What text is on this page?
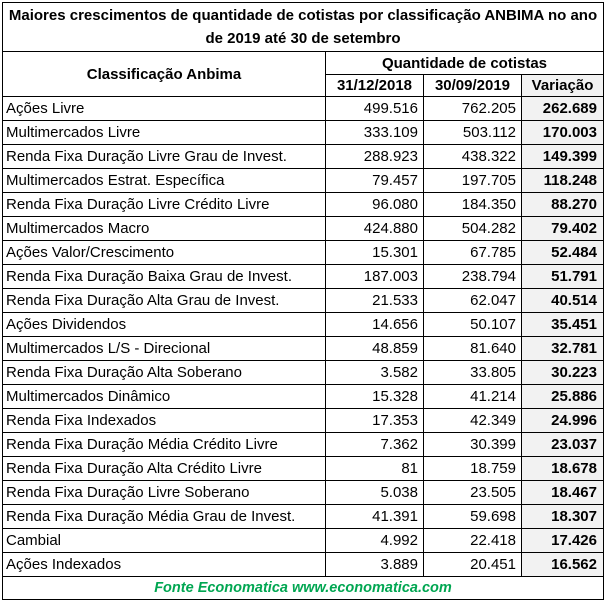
Maiores crescimentos de quantidade de cotistas por classificação ANBIMA no ano de 2019 até 30 de setembro			
Classificação Anbima	Quantidade de cotistas		
	31/12/2018	30/09/2019	Variação
Ações Livre	499.516	762.205	262.689
Multimercados Livre	333.109	503.112	170.003
Renda Fixa Duração Livre Grau de Invest.	288.923	438.322	149.399
Multimercados Estrat. Específica	79.457	197.705	118.248
Renda Fixa Duração Livre Crédito Livre	96.080	184.350	88.270
Multimercados Macro	424.880	504.282	79.402
Ações Valor/Crescimento	15.301	67.785	52.484
Renda Fixa Duração Baixa Grau de Invest.	187.003	238.794	51.791
Renda Fixa Duração Alta Grau de Invest.	21.533	62.047	40.514
Ações Dividendos	14.656	50.107	35.451
Multimercados L/S - Direcional	48.859	81.640	32.781
Renda Fixa Duração Alta Soberano	3.582	33.805	30.223
Multimercados Dinâmico	15.328	41.214	25.886
Renda Fixa Indexados	17.353	42.349	24.996
Renda Fixa Duração Média Crédito Livre	7.362	30.399	23.037
Renda Fixa Duração Alta Crédito Livre	81	18.759	18.678
Renda Fixa Duração Livre Soberano	5.038	23.505	18.467
Renda Fixa Duração Média Grau de Invest.	41.391	59.698	18.307
Cambial	4.992	22.418	17.426
Ações Indexados	3.889	20.451	16.562
Fonte Economatica www.economatica.com			
